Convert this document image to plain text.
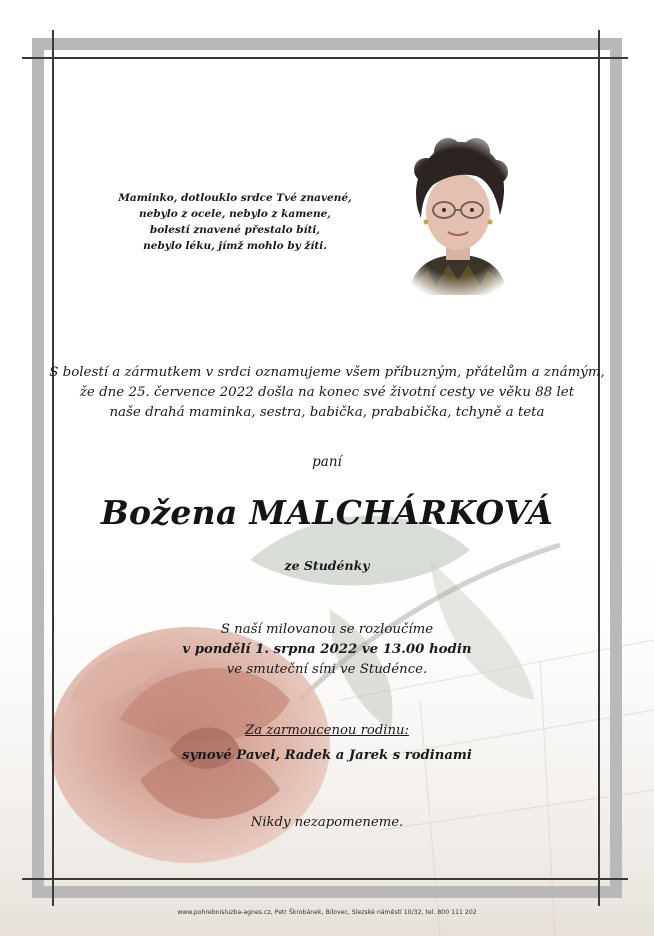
Maminko, dotlouklo srdce Tvé znavené,
nebylo z ocele, nebylo z kamene,
bolestí znavené přestalo bíti,
nebylo léku, jímž mohlo by žíti.
S bolestí a zármutkem v srdci oznamujeme všem příbuzným, přátelům a známým,
že dne 25. července 2022 došla na konec své životní cesty ve věku 88 let
naše drahá maminka, sestra, babička, prababička, tchyně a teta
paní
Božena MALCHÁRKOVÁ
ze Studénky
S naší milovanou se rozloučíme
v pondělí 1. srpna 2022 ve 13.00 hodin
ve smuteční síni ve Studénce.
Za zarmoucenou rodinu:
synové Pavel, Radek a Jarek s rodinami
Nikdy nezapomeneme.
www.pohrebnisluzba-agnes.cz, Petr Škrobánek, Bílovec, Slezské náměstí 10/32, tel. 800 111 202
